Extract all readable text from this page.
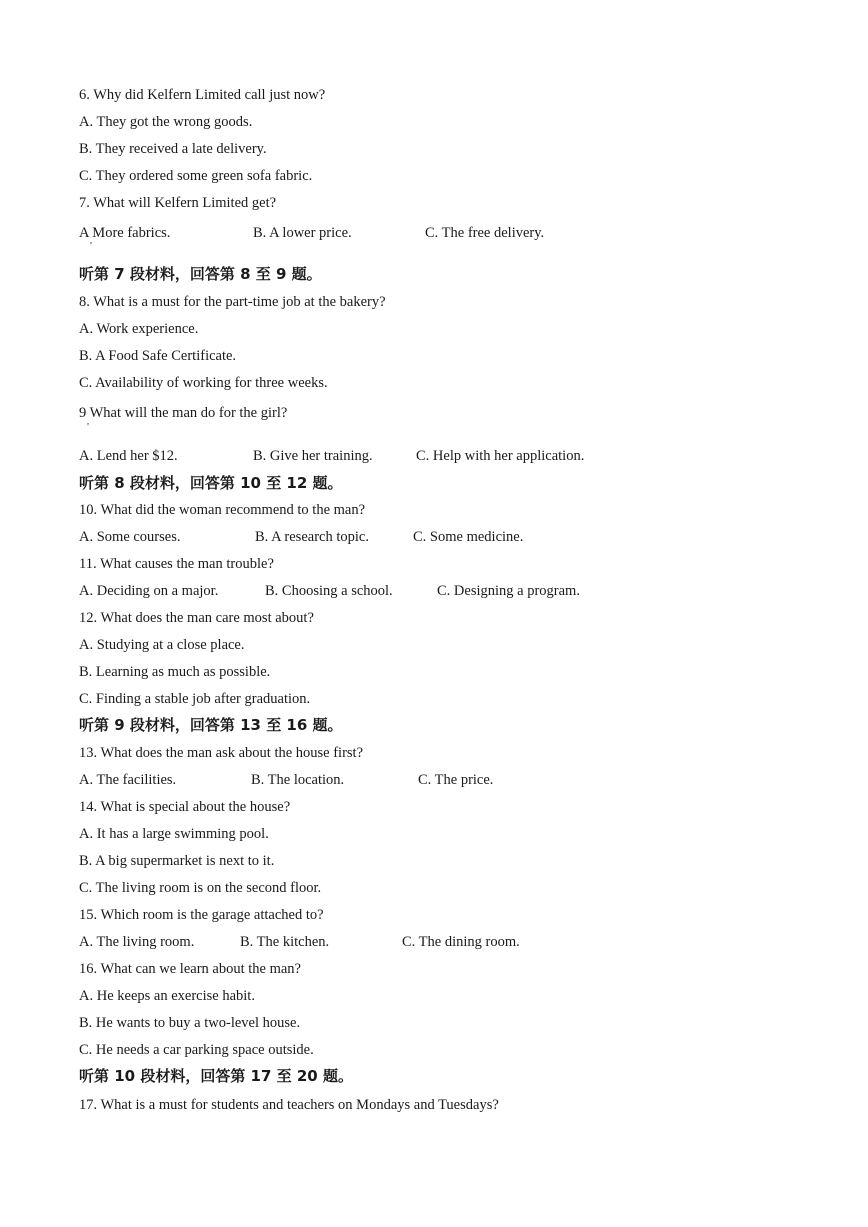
6. Why did Kelfern Limited call just now?
A. They got the wrong goods.
B. They received a late delivery.
C. They ordered some green sofa fabric.
7. What will Kelfern Limited get?
A More fabrics.
'
B. A lower price.	C. The free delivery.
听第 7 段材料，回答第 8 至 9 题。
8. What is a must for the part-time job at the bakery?
A. Work experience.
B. A Food Safe Certificate.
C. Availability of working for three weeks.
9 What will the man do for the girl?
'
A. Lend her $12.	B. Give her training.	C. Help with her application.
听第 8 段材料，回答第 10 至 12 题。
10. What did the woman recommend to the man?
A. Some courses.	B. A research topic.	C. Some medicine.
11. What causes the man trouble?
A. Deciding on a major.	B. Choosing a school.	C. Designing a program.
12. What does the man care most about?
A. Studying at a close place.
B. Learning as much as possible.
C. Finding a stable job after graduation.
听第 9 段材料，回答第 13 至 16 题。
13. What does the man ask about the house first?
A. The facilities.	B. The location.	C. The price.
14. What is special about the house?
A. It has a large swimming pool.
B. A big supermarket is next to it.
C. The living room is on the second floor.
15. Which room is the garage attached to?
A. The living room.	B. The kitchen.	C. The dining room.
16. What can we learn about the man?
A. He keeps an exercise habit.
B. He wants to buy a two-level house.
C. He needs a car parking space outside.
听第 10 段材料，回答第 17 至 20 题。
17. What is a must for students and teachers on Mondays and Tuesdays?
